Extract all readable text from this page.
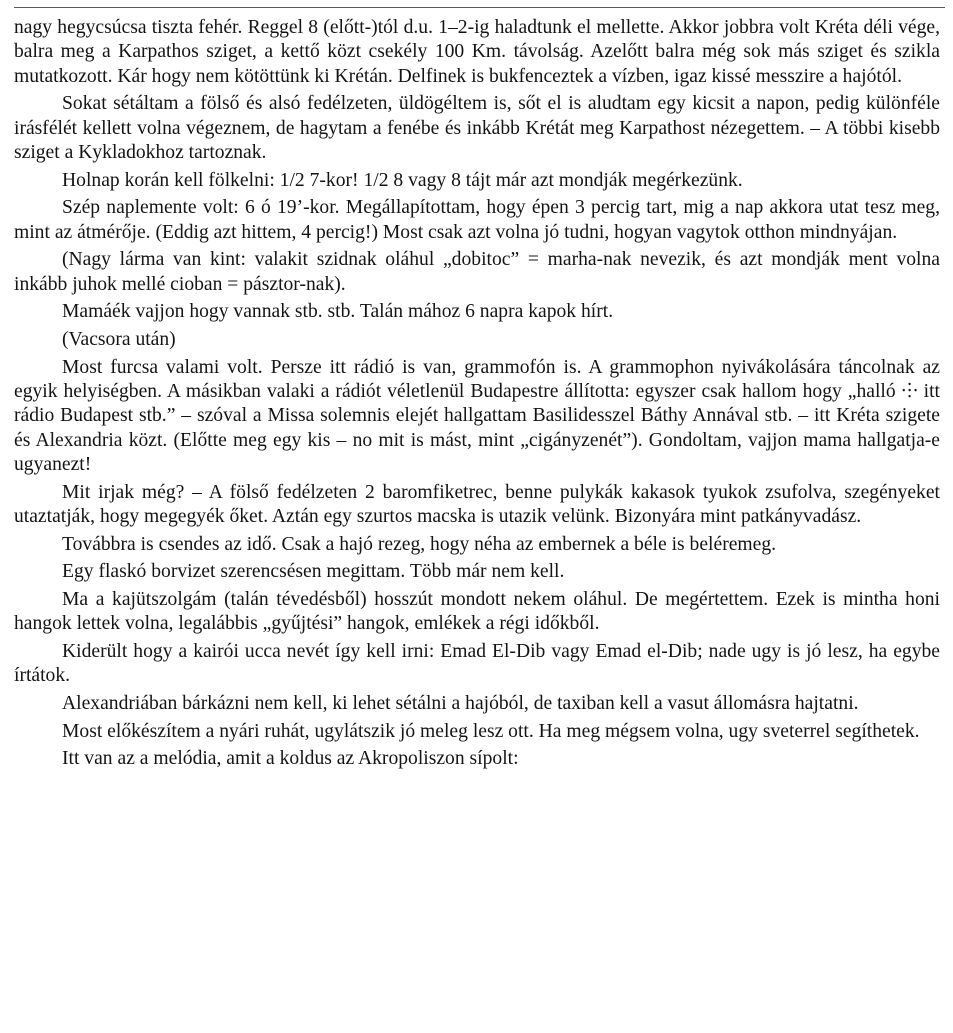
nagy hegycsúcsa tiszta fehér. Reggel 8 (előtt-)tól d.u. 1–2-ig haladtunk el mellette. Akkor jobbra volt Kréta déli vége, balra meg a Karpathos sziget, a kettő közt csekély 100 Km. távolság. Azelőtt balra még sok más sziget és szikla mutatkozott. Kár hogy nem kötöttünk ki Krétán. Delfinek is bukfenceztek a vízben, igaz kissé messzire a hajótól.

Sokat sétáltam a fölső és alsó fedélzeten, üldögéltem is, sőt el is aludtam egy kicsit a napon, pedig különféle irásfélét kellett volna végeznem, de hagytam a fenébe és inkább Krétát meg Karpathost nézegettem. – A többi kisebb sziget a Kykladokhoz tartoznak.

Holnap korán kell fölkelni: 1/2 7-kor! 1/2 8 vagy 8 tájt már azt mondják megérkezünk.

Szép naplemente volt: 6 ó 19’-kor. Megállapítottam, hogy épen 3 percig tart, mig a nap akkora utat tesz meg, mint az átmérője. (Eddig azt hittem, 4 percig!) Most csak azt volna jó tudni, hogyan vagytok otthon mindnyájan.

(Nagy lárma van kint: valakit szidnak oláhul „dobitoc” = marha-nak nevezik, és azt mondják ment volna inkább juhok mellé cioban = pásztor-nak).

Mamáék vajjon hogy vannak stb. stb. Talán mához 6 napra kapok hírt.

(Vacsora után)

Most furcsa valami volt. Persze itt rádió is van, grammofón is. A grammophon nyivákolására táncolnak az egyik helyiségben. A másikban valaki a rádiót véletlenül Budapestre állította: egyszer csak hallom hogy „halló ⸭ itt rádio Budapest stb.” – szóval a Missa solemnis elejét hallgattam Basilidesszel Báthy Annával stb. – itt Kréta szigete és Alexandria közt. (Előtte meg egy kis – no mit is mást, mint „cigányzenét”). Gondoltam, vajjon mama hallgatja-e ugyanezt!

Mit irjak még? – A fölső fedélzeten 2 baromfiketrec, benne pulykák kakasok tyukok zsufolva, szegényeket utaztatják, hogy megegyék őket. Aztán egy szurtos macska is utazik velünk. Bizonyára mint patkányvadász.

Továbbra is csendes az idő. Csak a hajó rezeg, hogy néha az embernek a béle is beléremeg.

Egy flaskó borvizet szerencsésen megittam. Több már nem kell.

Ma a kajütszolgám (talán tévedésből) hosszút mondott nekem oláhul. De megértettem. Ezek is mintha honi hangok lettek volna, legalábbis „gyűjtési” hangok, emlékek a régi időkből.

Kiderült hogy a kairói ucca nevét így kell irni: Emad El-Dib vagy Emad el-Dib; nade ugy is jó lesz, ha egybe írtátok.

Alexandriában bárkázni nem kell, ki lehet sétálni a hajóból, de taxiban kell a vasut állomásra hajtatni.

Most előkészítem a nyári ruhát, ugylátszik jó meleg lesz ott. Ha meg mégsem volna, ugy sveterrel segíthetek.

Itt van az a melódia, amit a koldus az Akropoliszon sípolt:
